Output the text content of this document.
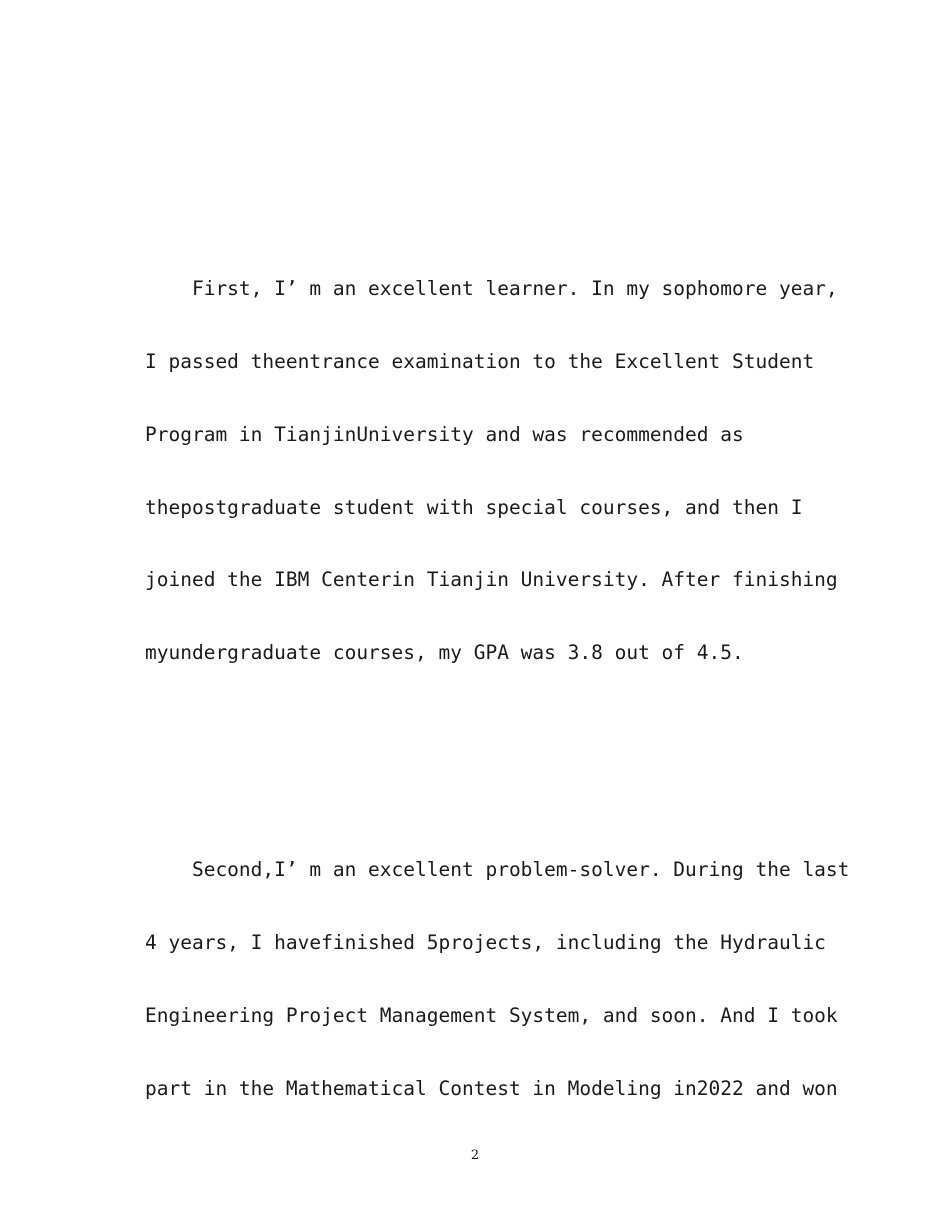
First, I’ m an excellent learner. In my sophomore year,

I passed theentrance examination to the Excellent Student

Program in TianjinUniversity and was recommended as

thepostgraduate student with special courses, and then I

joined the IBM Centerin Tianjin University. After finishing

myundergraduate courses, my GPA was 3.8 out of 4.5.

Second,I’ m an excellent problem-solver. During the last

4 years, I havefinished 5projects, including the Hydraulic

Engineering Project Management System, and soon. And I took

part in the Mathematical Contest in Modeling in2022 and won

2
